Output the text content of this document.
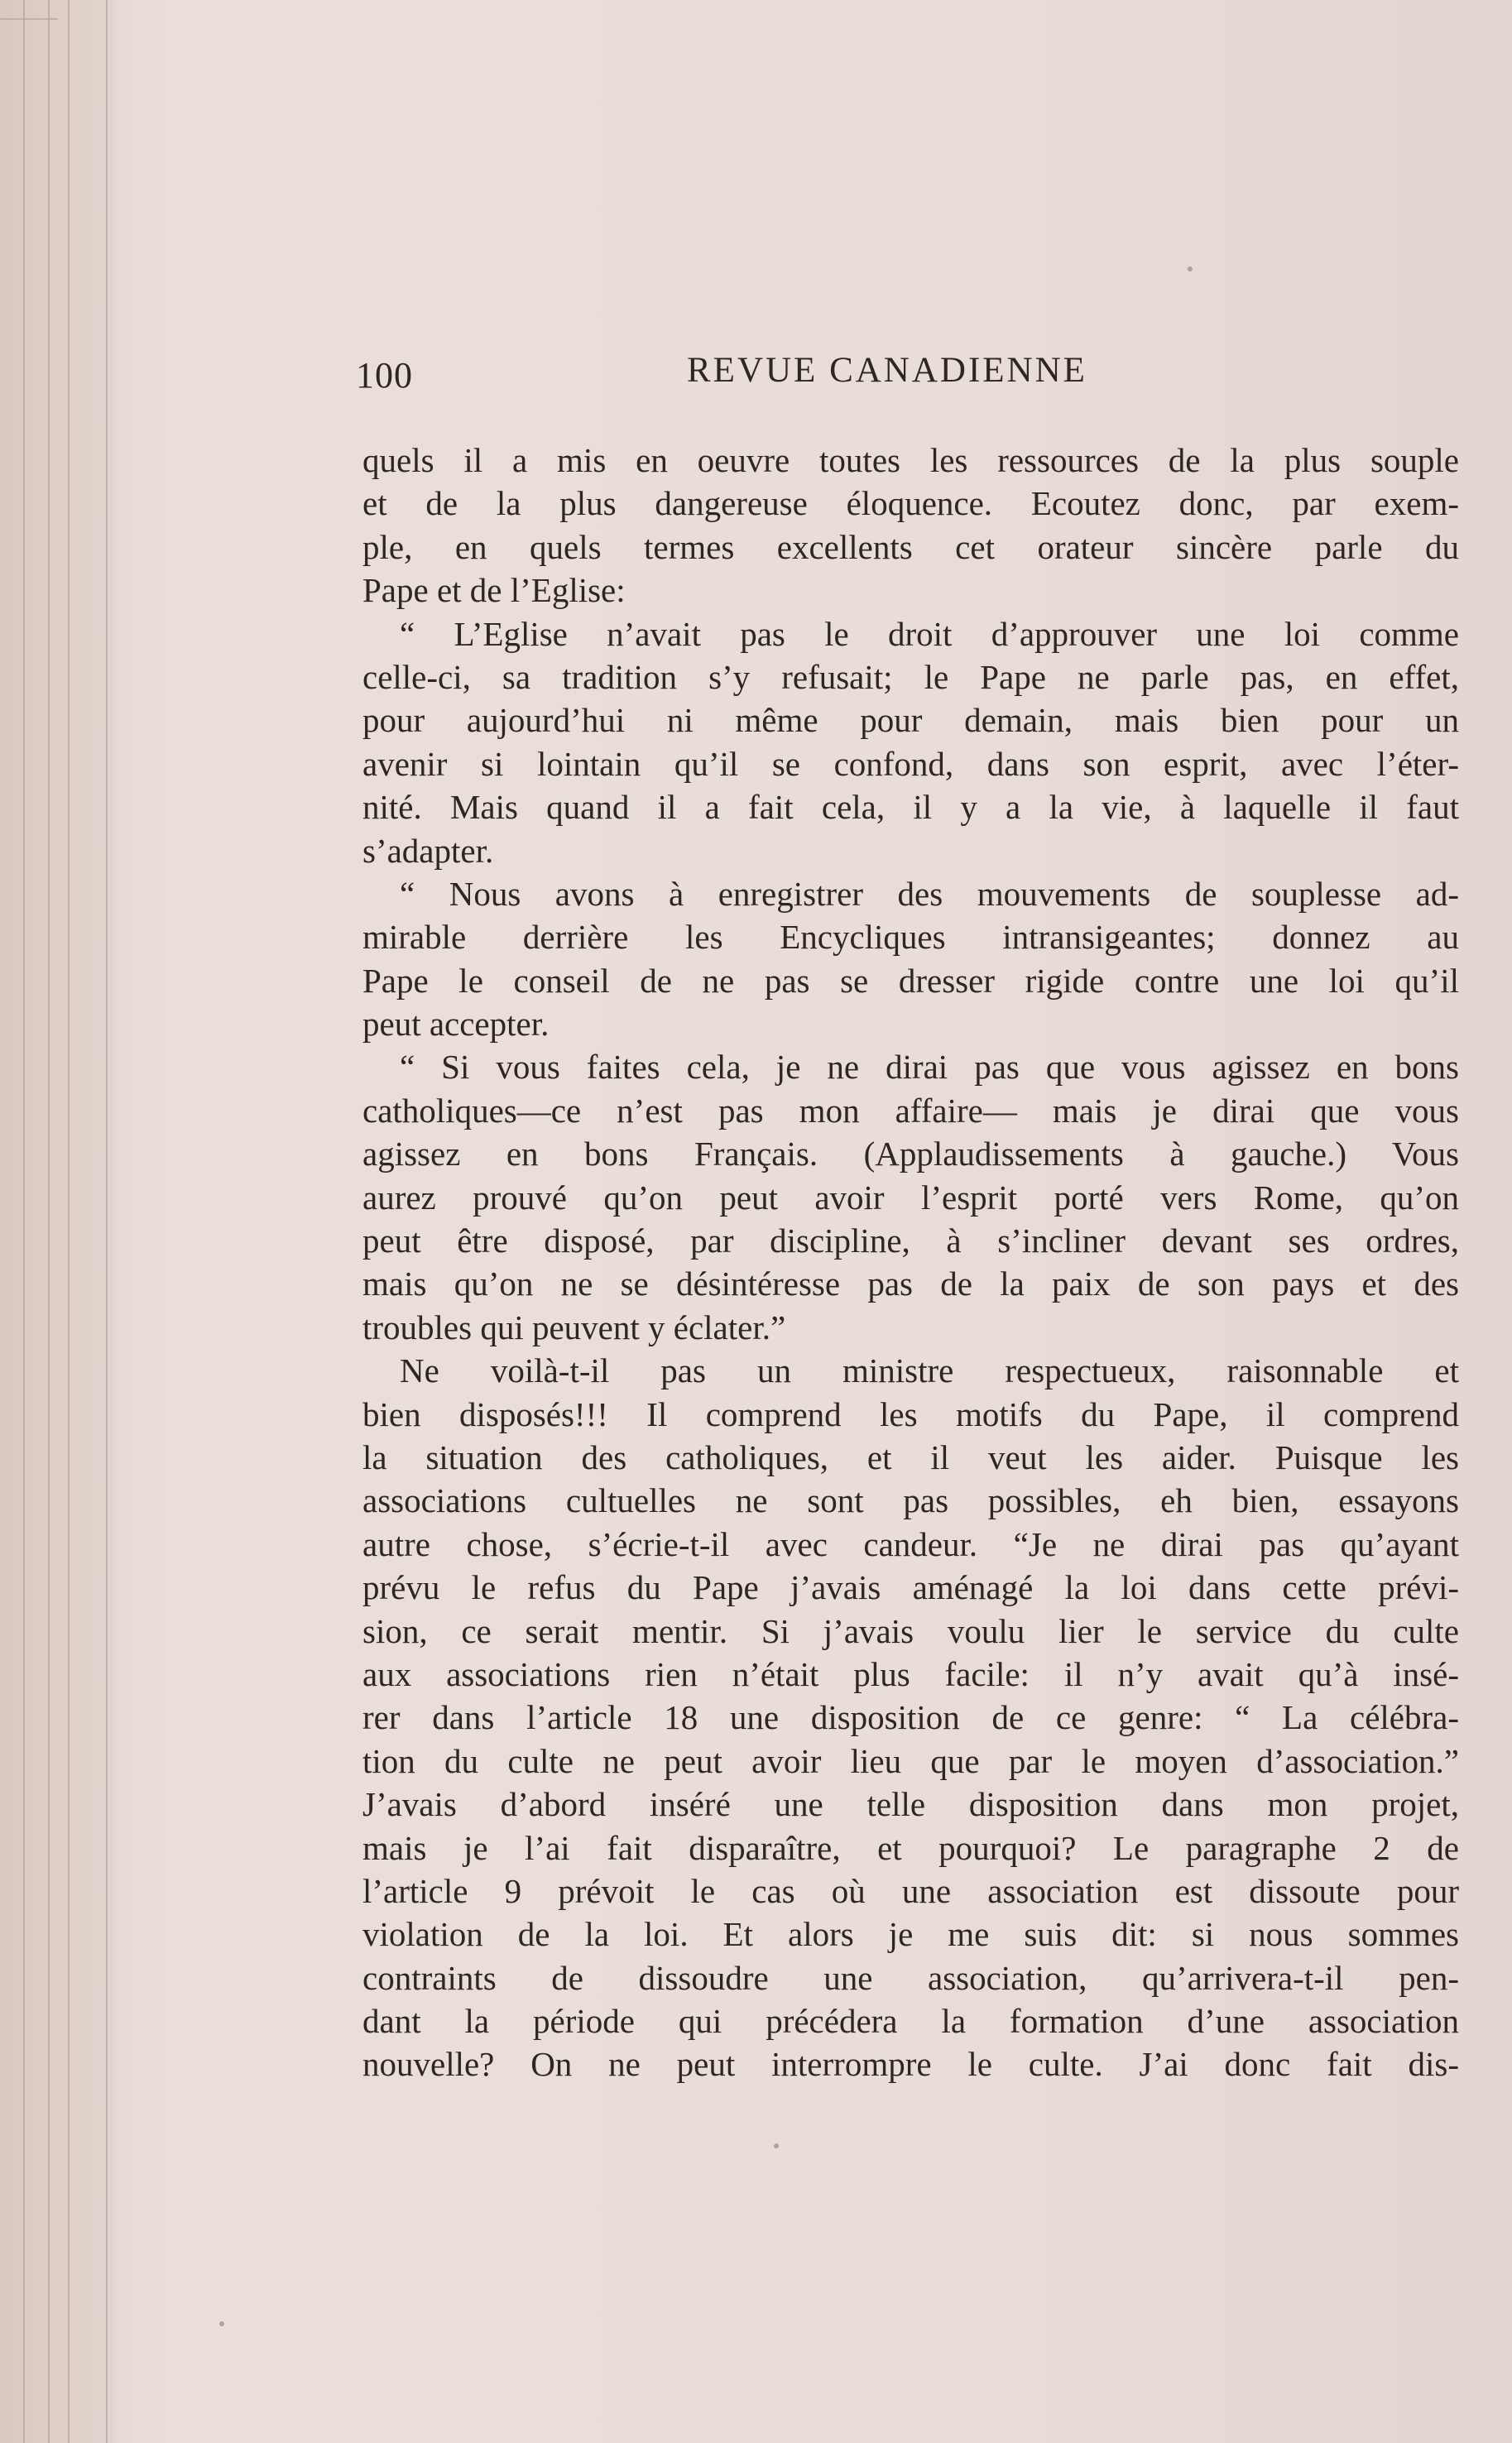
100	REVUE CANADIENNE
quels il a mis en oeuvre toutes les ressources de la plus souple
et de la plus dangereuse éloquence. Ecoutez donc, par exem-
ple, en quels termes excellents cet orateur sincère parle du
Pape et de l’Eglise:
“ L’Eglise n’avait pas le droit d’approuver une loi comme
celle-ci, sa tradition s’y refusait; le Pape ne parle pas, en effet,
pour aujourd’hui ni même pour demain, mais bien pour un
avenir si lointain qu’il se confond, dans son esprit, avec l’éter-
nité. Mais quand il a fait cela, il y a la vie, à laquelle il faut
s’adapter.
“ Nous avons à enregistrer des mouvements de souplesse ad-
mirable derrière les Encycliques intransigeantes; donnez au
Pape le conseil de ne pas se dresser rigide contre une loi qu’il
peut accepter.
“ Si vous faites cela, je ne dirai pas que vous agissez en bons
catholiques—ce n’est pas mon affaire— mais je dirai que vous
agissez en bons Français. (Applaudissements à gauche.) Vous
aurez prouvé qu’on peut avoir l’esprit porté vers Rome, qu’on
peut être disposé, par discipline, à s’incliner devant ses ordres,
mais qu’on ne se désintéresse pas de la paix de son pays et des
troubles qui peuvent y éclater.”
Ne voilà-t-il pas un ministre respectueux, raisonnable et
bien disposés!!! Il comprend les motifs du Pape, il comprend
la situation des catholiques, et il veut les aider. Puisque les
associations cultuelles ne sont pas possibles, eh bien, essayons
autre chose, s’écrie-t-il avec candeur. “Je ne dirai pas qu’ayant
prévu le refus du Pape j’avais aménagé la loi dans cette prévi-
sion, ce serait mentir. Si j’avais voulu lier le service du culte
aux associations rien n’était plus facile: il n’y avait qu’à insé-
rer dans l’article 18 une disposition de ce genre: “ La célébra-
tion du culte ne peut avoir lieu que par le moyen d’association.”
J’avais d’abord inséré une telle disposition dans mon projet,
mais je l’ai fait disparaître, et pourquoi? Le paragraphe 2 de
l’article 9 prévoit le cas où une association est dissoute pour
violation de la loi. Et alors je me suis dit: si nous sommes
contraints de dissoudre une association, qu’arrivera-t-il pen-
dant la période qui précédera la formation d’une association
nouvelle? On ne peut interrompre le culte. J’ai donc fait dis-
